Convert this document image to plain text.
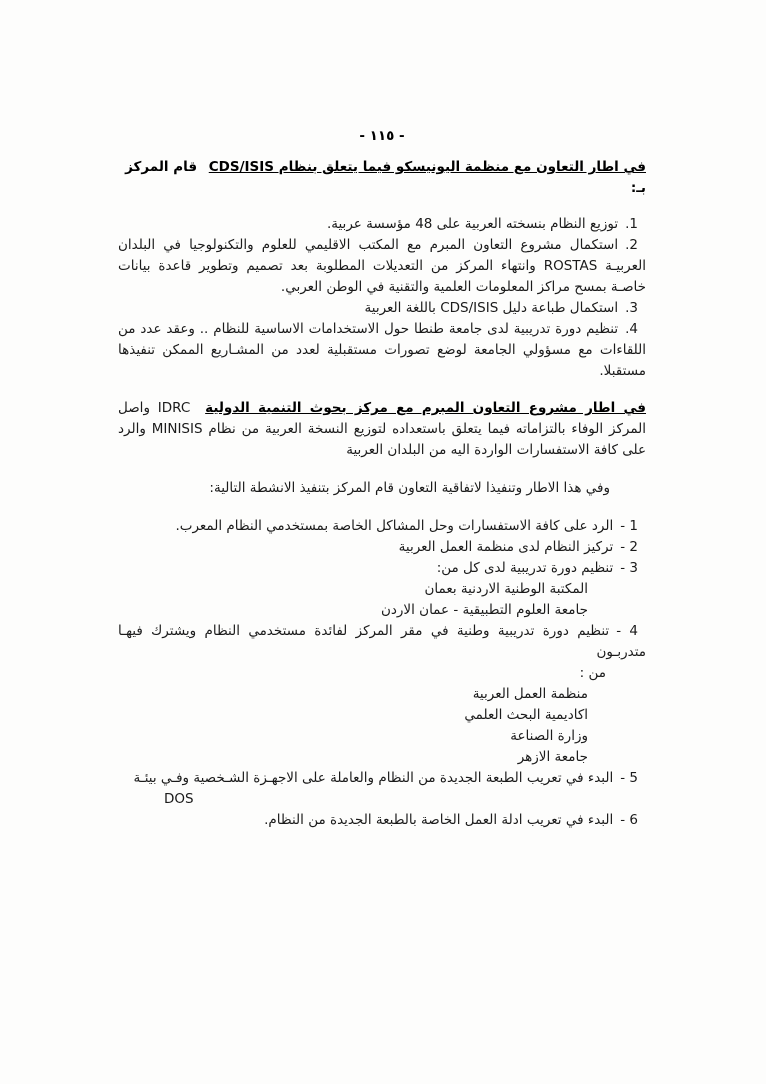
- ١١٥ -

في اطار التعاون مع منظمة اليونيسكو فيما يتعلق بنظام CDS/ISIS قام المركز بـ:

1.توزيع النظام بنسخته العربية على 48 مؤسسة عربية.

2.استكمال مشروع التعاون المبرم مع المكتب الاقليمي للعلوم والتكنولوجيا في البلدان العربيـة ROSTAS وانتهاء المركز من التعديلات المطلوبة بعد تصميم وتطوير قاعدة بيانات خاصـة بمسح مراكز المعلومات العلمية والتقنية في الوطن العربي.

3.استكمال طباعة دليل CDS/ISIS باللغة العربية

4.تنظيم دورة تدريبية لدى جامعة طنطا حول الاستخدامات الاساسية للنظام .. وعقد عدد من اللقاءات مع مسؤولي الجامعة لوضع تصورات مستقبلية لعدد من المشـاريع الممكن تنفيذها مستقبلا.

في اطار مشروع التعاون المبرم مع مركز بحوث التنمية الدولية IDRC واصل المركز الوفاء بالتزاماته فيما يتعلق باستعداده لتوزيع النسخة العربية من نظام MINISIS والرد على كافة الاستفسارات الواردة اليه من البلدان العربية

وفي هذا الاطار وتنفيذا لاتفاقية التعاون قام المركز بتنفيذ الانشطة التالية:

1 -الرد على كافة الاستفسارات وحل المشاكل الخاصة بمستخدمي النظام المعرب.

2 -تركيز النظام لدى منظمة العمل العربية

3 -تنظيم دورة تدريبية لدى كل من:

المكتبة الوطنية الاردنية بعمان

جامعة العلوم التطبيقية - عمان الاردن

4 -تنظيم دورة تدريبية وطنية في مقر المركز لفائدة مستخدمي النظام ويشترك فيهـا متدربـون

من :

منظمة العمل العربية

اكاديمية البحث العلمي

وزارة الصناعة

جامعة الازهر

5 -البدء في تعريب الطبعة الجديدة من النظام والعاملة على الاجهـزة الشـخصية وفـي بيئـة

DOS

6 -البدء في تعريب ادلة العمل الخاصة بالطبعة الجديدة من النظام.
